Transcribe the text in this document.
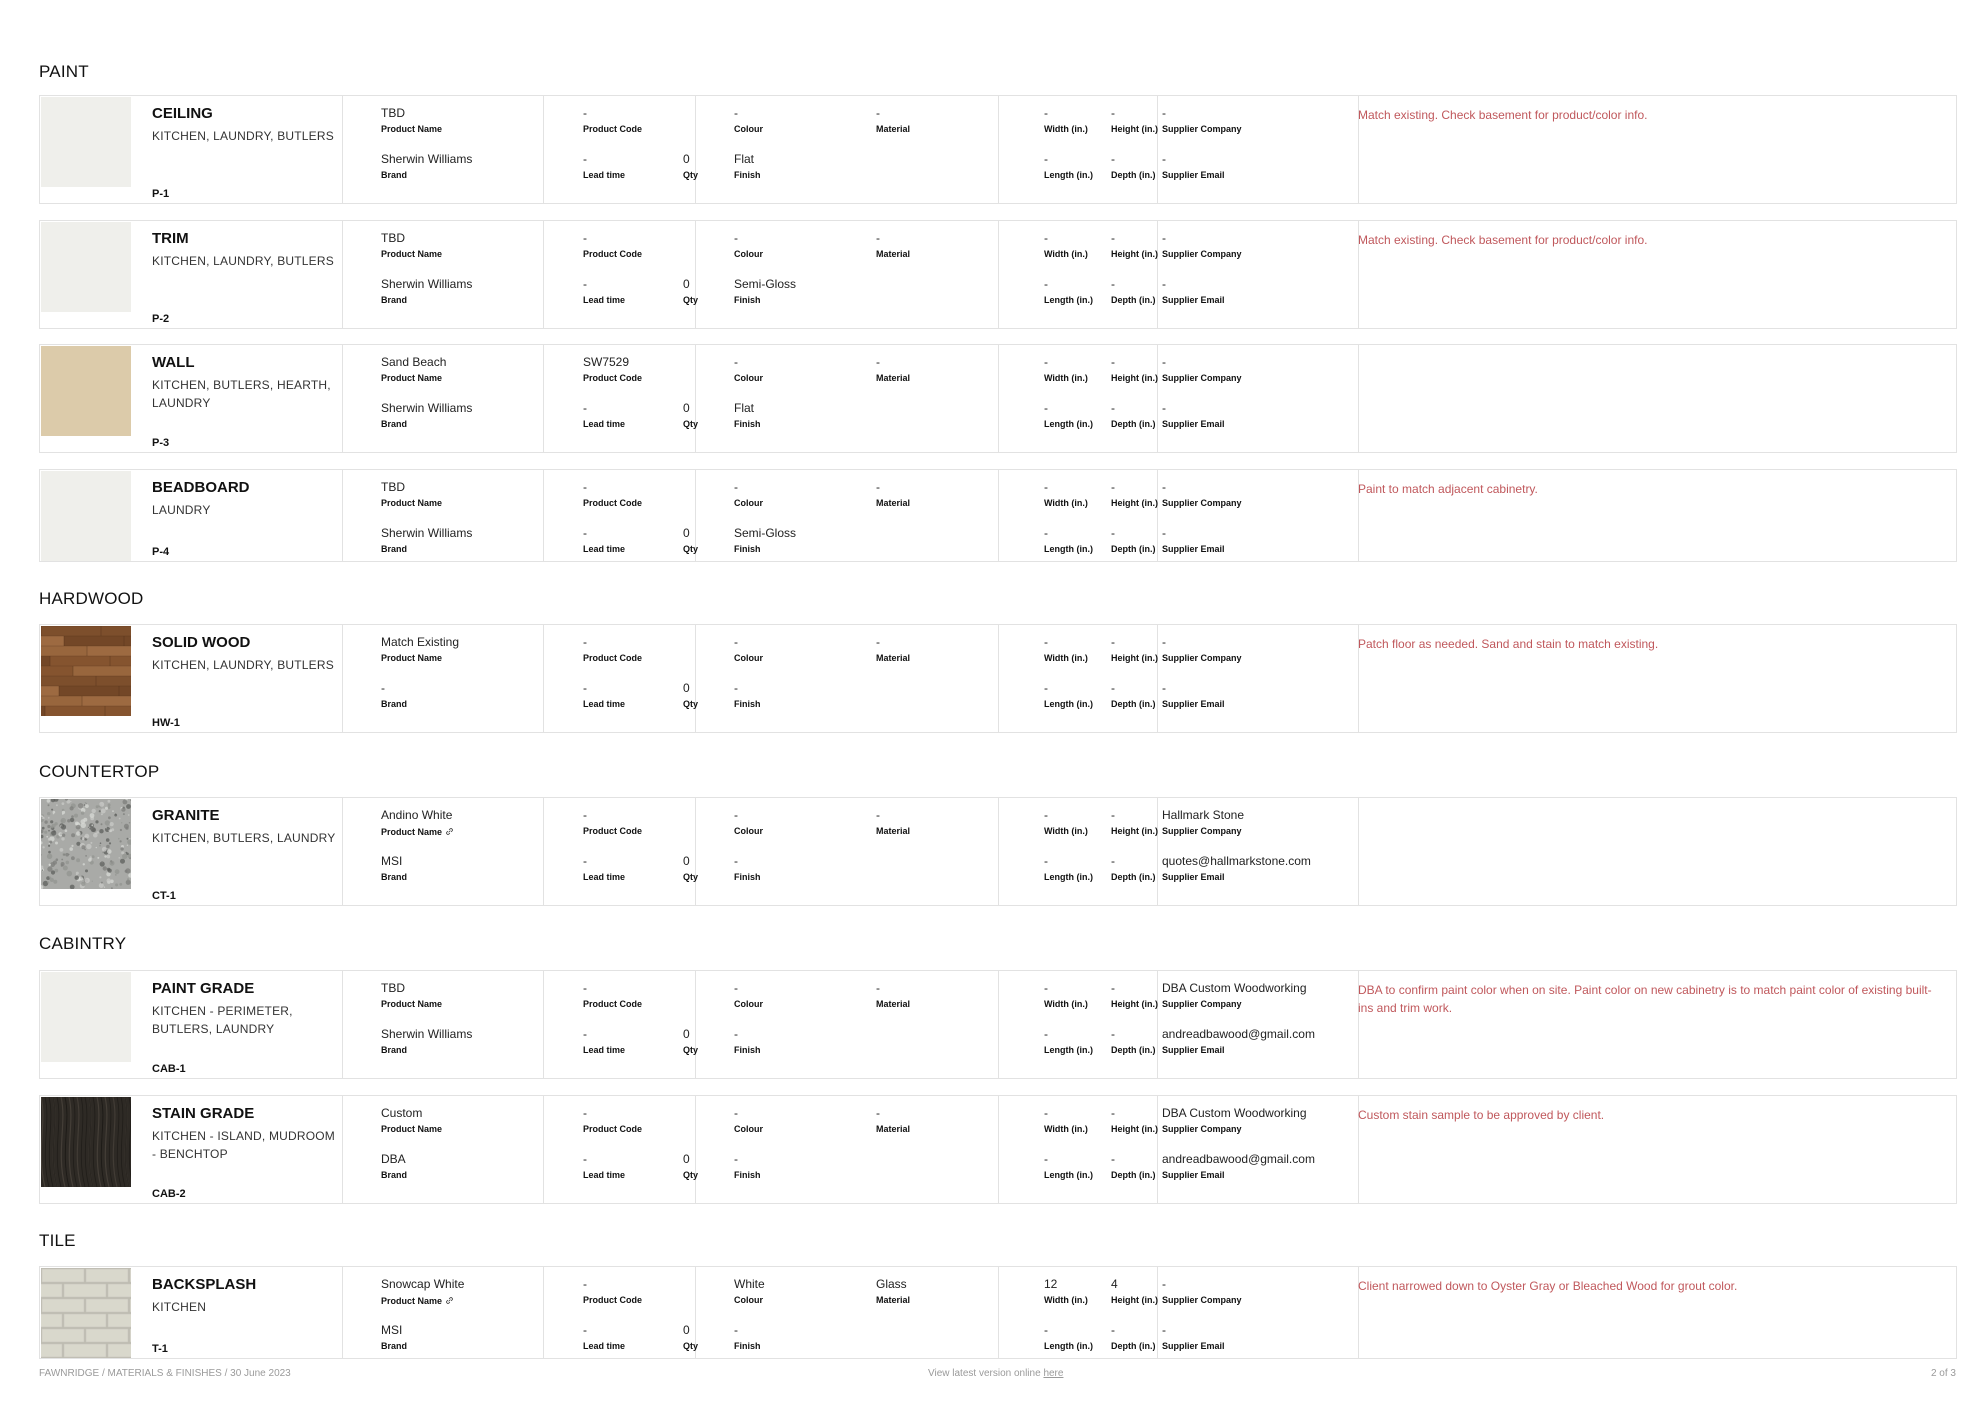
PAINT
CEILING
KITCHEN, LAUNDRY, BUTLERS
P-1
TBD
Product Name
Sherwin Williams
Brand
-
Product Code
-
Lead time
0
Qty
-
Colour
Flat
Finish
-
Material
-
Width (in.)
-
Height (in.)
-
Length (in.)
-
Depth (in.)
-
Supplier Company
-
Supplier Email
Match existing. Check basement for product/color info.
TRIM
KITCHEN, LAUNDRY, BUTLERS
P-2
TBD
Product Name
Sherwin Williams
Brand
-
Product Code
-
Lead time
0
Qty
-
Colour
Semi-Gloss
Finish
-
Material
-
Width (in.)
-
Height (in.)
-
Length (in.)
-
Depth (in.)
-
Supplier Company
-
Supplier Email
Match existing. Check basement for product/color info.
WALL
KITCHEN, BUTLERS, HEARTH, LAUNDRY
P-3
Sand Beach
Product Name
Sherwin Williams
Brand
SW7529
Product Code
-
Lead time
0
Qty
-
Colour
Flat
Finish
-
Material
-
Width (in.)
-
Height (in.)
-
Length (in.)
-
Depth (in.)
-
Supplier Company
-
Supplier Email
BEADBOARD
LAUNDRY
P-4
TBD
Product Name
Sherwin Williams
Brand
-
Product Code
-
Lead time
0
Qty
-
Colour
Semi-Gloss
Finish
-
Material
-
Width (in.)
-
Height (in.)
-
Length (in.)
-
Depth (in.)
-
Supplier Company
-
Supplier Email
Paint to match adjacent cabinetry.
HARDWOOD
SOLID WOOD
KITCHEN, LAUNDRY, BUTLERS
HW-1
Match Existing
Product Name
-
Brand
-
Product Code
-
Lead time
0
Qty
-
Colour
-
Finish
-
Material
-
Width (in.)
-
Height (in.)
-
Length (in.)
-
Depth (in.)
-
Supplier Company
-
Supplier Email
Patch floor as needed. Sand and stain to match existing.
COUNTERTOP
GRANITE
KITCHEN, BUTLERS, LAUNDRY
CT-1
Andino White
Product Name
MSI
Brand
-
Product Code
-
Lead time
0
Qty
-
Colour
-
Finish
-
Material
-
Width (in.)
-
Height (in.)
-
Length (in.)
-
Depth (in.)
Hallmark Stone
Supplier Company
quotes@hallmarkstone.com
Supplier Email
CABINTRY
PAINT GRADE
KITCHEN - PERIMETER, BUTLERS, LAUNDRY
CAB-1
TBD
Product Name
Sherwin Williams
Brand
-
Product Code
-
Lead time
0
Qty
-
Colour
-
Finish
-
Material
-
Width (in.)
-
Height (in.)
-
Length (in.)
-
Depth (in.)
DBA Custom Woodworking
Supplier Company
andreadbawood@gmail.com
Supplier Email
DBA to confirm paint color when on site. Paint color on new cabinetry is to match paint color of existing built-ins and trim work.
STAIN GRADE
KITCHEN - ISLAND, MUDROOM - BENCHTOP
CAB-2
Custom
Product Name
DBA
Brand
-
Product Code
-
Lead time
0
Qty
-
Colour
-
Finish
-
Material
-
Width (in.)
-
Height (in.)
-
Length (in.)
-
Depth (in.)
DBA Custom Woodworking
Supplier Company
andreadbawood@gmail.com
Supplier Email
Custom stain sample to be approved by client.
TILE
BACKSPLASH
KITCHEN
T-1
Snowcap White
Product Name
MSI
Brand
-
Product Code
-
Lead time
0
Qty
White
Colour
-
Finish
Glass
Material
12
Width (in.)
4
Height (in.)
-
Length (in.)
-
Depth (in.)
-
Supplier Company
-
Supplier Email
Client narrowed down to Oyster Gray or Bleached Wood for grout color.
FAWNRIDGE / MATERIALS & FINISHES / 30 June 2023	View latest version online here	2 of 3
